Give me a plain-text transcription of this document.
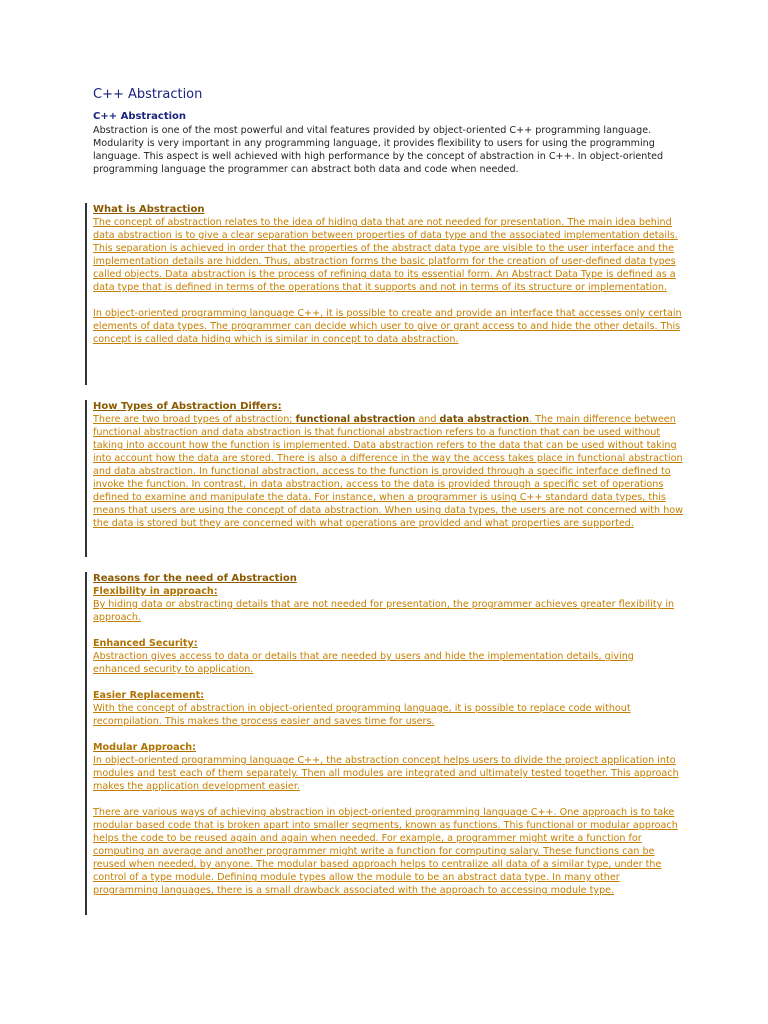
C++ Abstraction
C++ Abstraction

Abstraction is one of the most powerful and vital features provided by object-oriented C++ programming language. Modularity is very important in any programming language, it provides flexibility to users for using the programming language. This aspect is well achieved with high performance by the concept of abstraction in C++. In object-oriented programming language the programmer can abstract both data and code when needed.

What is Abstraction

The concept of abstraction relates to the idea of hiding data that are not needed for presentation. The main idea behind data abstraction is to give a clear separation between properties of data type and the associated implementation details. This separation is achieved in order that the properties of the abstract data type are visible to the user interface and the implementation details are hidden. Thus, abstraction forms the basic platform for the creation of user-defined data types called objects. Data abstraction is the process of refining data to its essential form. An Abstract Data Type is defined as a data type that is defined in terms of the operations that it supports and not in terms of its structure or implementation.

In object-oriented programming language C++, it is possible to create and provide an interface that accesses only certain elements of data types. The programmer can decide which user to give or grant access to and hide the other details. This concept is called data hiding which is similar in concept to data abstraction.

How Types of Abstraction Differs:

There are two broad types of abstraction; functional abstraction and data abstraction. The main difference between functional abstraction and data abstraction is that functional abstraction refers to a function that can be used without taking into account how the function is implemented. Data abstraction refers to the data that can be used without taking into account how the data are stored. There is also a difference in the way the access takes place in functional abstraction and data abstraction. In functional abstraction, access to the function is provided through a specific interface defined to invoke the function. In contrast, in data abstraction, access to the data is provided through a specific set of operations defined to examine and manipulate the data. For instance, when a programmer is using C++ standard data types, this means that users are using the concept of data abstraction. When using data types, the users are not concerned with how the data is stored but they are concerned with what operations are provided and what properties are supported.

Reasons for the need of Abstraction
Flexibility in approach:

By hiding data or abstracting details that are not needed for presentation, the programmer achieves greater flexibility in approach.

Enhanced Security:

Abstraction gives access to data or details that are needed by users and hide the implementation details, giving enhanced security to application.

Easier Replacement:

With the concept of abstraction in object-oriented programming language, it is possible to replace code without recompilation. This makes the process easier and saves time for users.

Modular Approach:

In object-oriented programming language C++, the abstraction concept helps users to divide the project application into modules and test each of them separately. Then all modules are integrated and ultimately tested together. This approach makes the application development easier.

There are various ways of achieving abstraction in object-oriented programming language C++. One approach is to take modular based code that is broken apart into smaller segments, known as functions. This functional or modular approach helps the code to be reused again and again when needed. For example, a programmer might write a function for computing an average and another programmer might write a function for computing salary. These functions can be reused when needed, by anyone. The modular based approach helps to centralize all data of a similar type, under the control of a type module. Defining module types allow the module to be an abstract data type. In many other programming languages, there is a small drawback associated with the approach to accessing module type.
